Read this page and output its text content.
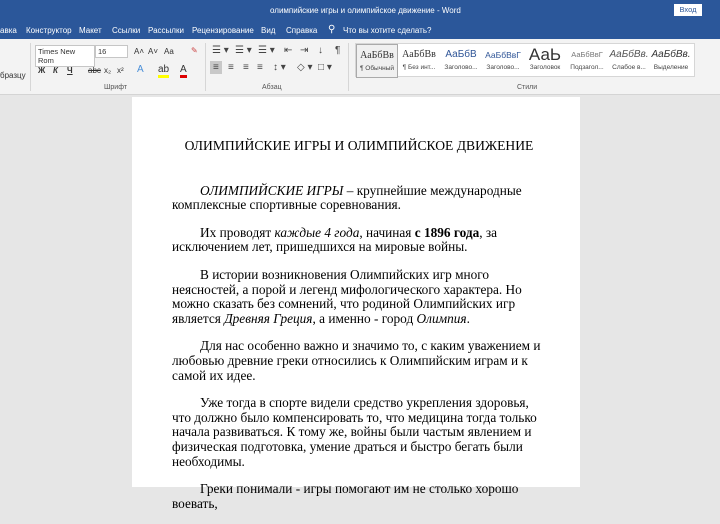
олимпийские игры и олимпийское движение - Word	Вход
авка Конструктор Макет Ссылки Рассылки Рецензирование Вид Справка ⚲ Что вы хотите сделать?
бразцу
Times New Rom
16	A˄ A˅ Aa ✎
Ж К Ч abc x₂ x² A ab A
Шрифт
☰ ▾ ☰ ▾ ☰ ▾ ⇤ ⇥ ↓ ¶
≡ ≡ ≡ ≡ ↕ ▾ ◇ ▾ □ ▾
Абзац
АаБбВв
¶ Обычный
АаБбВв
¶ Без инт...
АаБбВ
Заголово...
АаБбВвГ
Заголово...
АаЬ
Заголовок
АаБбВвГ
Подзагол...
АаБбВв.
Слабое в...
АаБбВв.
Выделение
Стили
ОЛИМПИЙСКИЕ ИГРЫ И ОЛИМПИЙСКОЕ ДВИЖЕНИЕ

ОЛИМПИЙСКИЕ ИГРЫ – крупнейшие международные комплексные спортивные соревнования.

Их проводят каждые 4 года, начиная с 1896 года, за исключением лет, пришедшихся на мировые войны.

В истории возникновения Олимпийских игр много неясностей, а порой и легенд мифологического характера. Но можно сказать без сомнений, что родиной Олимпийских игр является Древняя Греция, а именно - город Олимпия.

Для нас особенно важно и значимо то, с каким уважением и любовью древние греки относились к Олимпийским играм и к самой их идее.

Уже тогда в спорте видели средство укрепления здоровья, что должно было компенсировать то, что медицина тогда только начала развиваться. К тому же, войны были частым явлением и физическая подготовка, умение драться и быстро бегать были необходимы.

Греки понимали - игры помогают им не столько хорошо воевать,
